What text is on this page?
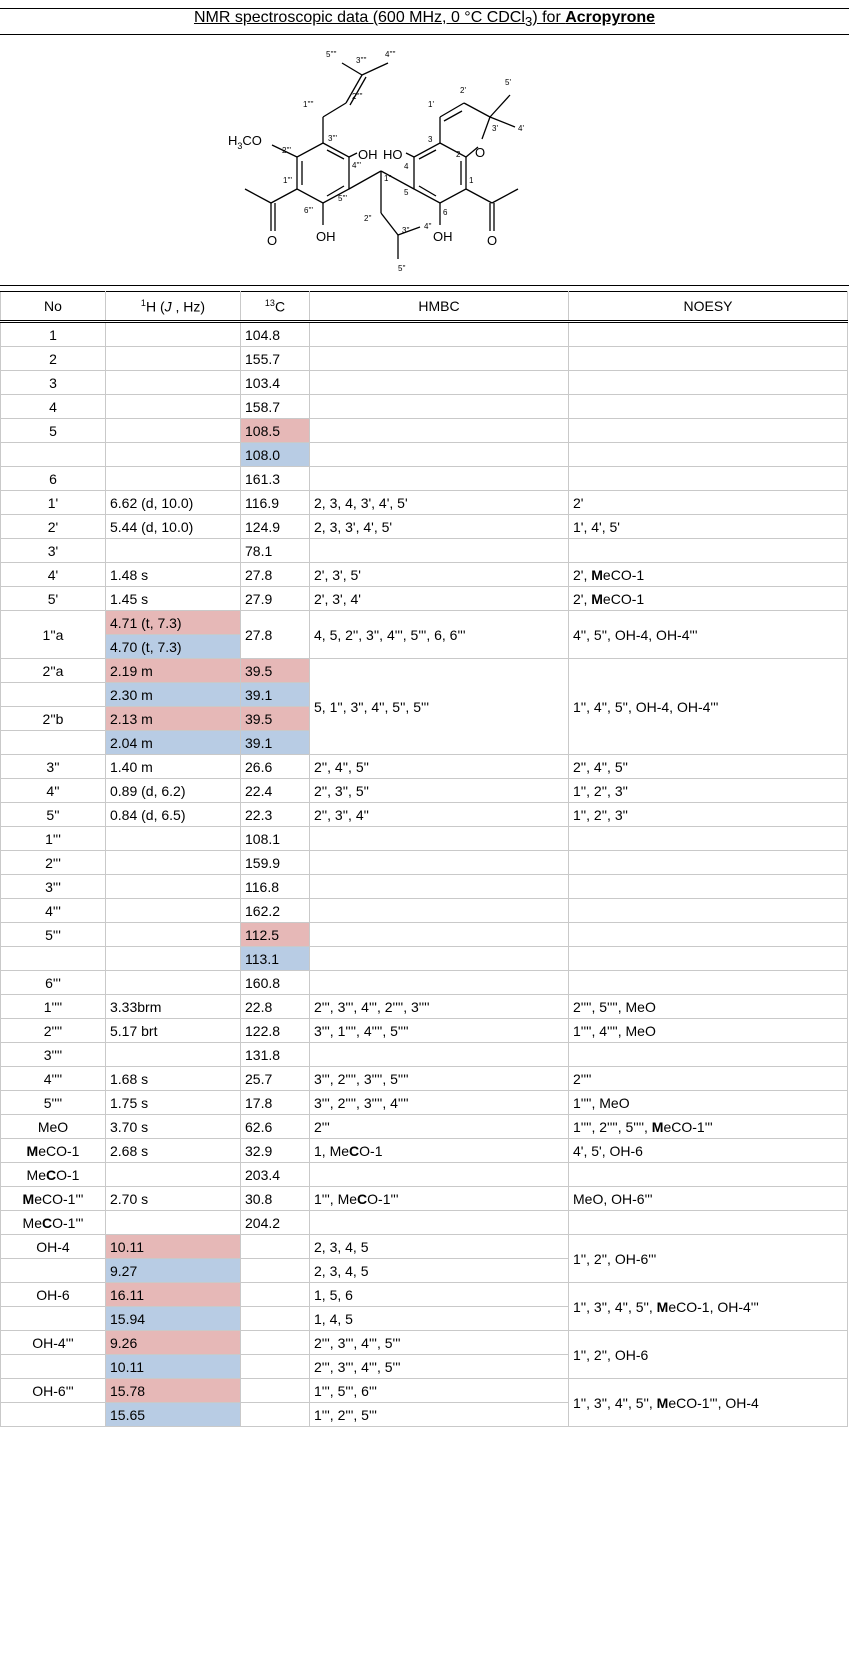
NMR spectroscopic data (600 MHz, 0 °C CDCl$_3$) for Acropyrone
$H_3CO$
OH HO
OH	OH
O	O
O
5''''
3''''
4''''
2''''
1''''
2'''
3'''
4'''
1'''
5'''
6'''
1''
2''
3'' 4''
5''
1'
2'
3'	4'
5'
1
2
3
4
5
6
No	$^1$H (J , Hz)	$^{13}$C	HMBC	NOESY
1		104.8		
2		155.7		
3		103.4		
4		158.7		
5		108.5		
		108.0		
6		161.3		
1'	6.62 (d, 10.0)	116.9	2, 3, 4, 3', 4', 5'	2'
2'	5.44 (d, 10.0)	124.9	2, 3, 3', 4', 5'	1', 4', 5'
3'		78.1		
4'	1.48 s	27.8	2', 3', 5'	2', MeCO-1
5'	1.45 s	27.9	2', 3', 4'	2', MeCO-1
1''a	4.71 (t, 7.3)	27.8	4, 5, 2'', 3'', 4''', 5''', 6, 6'''	4'', 5'', OH-4, OH-4'''
	4.70 (t, 7.3)			
2''a	2.19 m	39.5	5, 1'', 3'', 4'', 5'', 5'''	1'', 4'', 5'', OH-4, OH-4'''
	2.30 m	39.1		
2''b	2.13 m	39.5		
	2.04 m	39.1		
3''	1.40 m	26.6	2'', 4'', 5''	2'', 4'', 5''
4''	0.89 (d, 6.2)	22.4	2'', 3'', 5''	1'', 2'', 3''
5''	0.84 (d, 6.5)	22.3	2'', 3'', 4''	1'', 2'', 3''
1'''		108.1		
2'''		159.9		
3'''		116.8		
4'''		162.2		
5'''		112.5		
		113.1		
6'''		160.8		
1''''	3.33brm	22.8	2''', 3''', 4''', 2'''', 3''''	2'''', 5'''', MeO
2''''	5.17 brt	122.8	3''', 1'''', 4'''', 5''''	1'''', 4'''', MeO
3''''		131.8		
4''''	1.68 s	25.7	3''', 2'''', 3'''', 5''''	2''''
5''''	1.75 s	17.8	3''', 2'''', 3'''', 4''''	1'''', MeO
MeO	3.70 s	62.6	2'''	1'''', 2'''', 5'''', MeCO-1'''
MeCO-1	2.68 s	32.9	1, MeCO-1	4', 5', OH-6
MeCO-1		203.4		
MeCO-1'''	2.70 s	30.8	1''', MeCO-1'''	MeO, OH-6'''
MeCO-1'''		204.2		
OH-4	10.11		2, 3, 4, 5	1'', 2'', OH-6'''
	9.27		2, 3, 4, 5	
OH-6	16.11		1, 5, 6	1'', 3'', 4'', 5'', MeCO-1, OH-4'''
	15.94		1, 4, 5	
OH-4'''	9.26		2''', 3''', 4''', 5'''	1'', 2'', OH-6
	10.11		2''', 3''', 4''', 5'''	
OH-6'''	15.78		1''', 5''', 6'''	1'', 3'', 4'', 5'', MeCO-1''', OH-4
	15.65		1''', 2''', 5'''	
